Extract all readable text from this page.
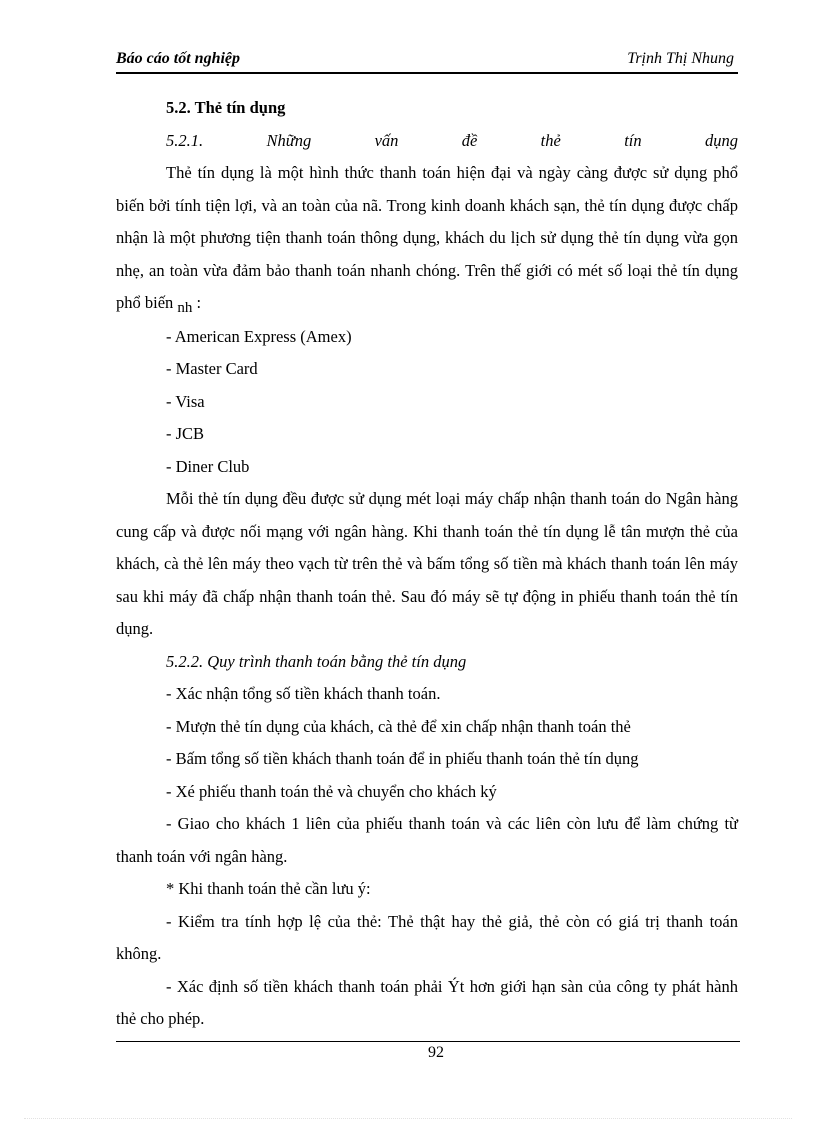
Báo cáo tốt nghiệp	Trịnh Thị Nhung

5.2. Thẻ tín dụng

5.2.1.	Những	vấn	đề	thẻ	tín	dụng

Thẻ tín dụng là một hình thức thanh toán hiện đại và ngày càng được sử dụng phổ biến bởi tính tiện lợi, và an toàn của nã. Trong kinh doanh khách sạn, thẻ tín dụng được chấp nhận là một phương tiện thanh toán thông dụng, khách du lịch sử dụng thẻ tín dụng vừa gọn nhẹ, an toàn vừa đảm bảo thanh toán nhanh chóng. Trên thế giới có mét số loại thẻ tín dụng phổ biến nh :

- American Express (Amex)

- Master Card

- Visa

- JCB

- Diner Club

Mỗi thẻ tín dụng đều được sử dụng mét loại máy chấp nhận thanh toán do Ngân hàng cung cấp và được nối mạng với ngân hàng. Khi thanh toán thẻ tín dụng lễ tân mượn thẻ của khách, cà thẻ lên máy theo vạch từ trên thẻ và bấm tổng số tiền mà khách thanh toán lên máy sau khi máy đã chấp nhận thanh toán thẻ. Sau đó máy sẽ tự động in phiếu thanh toán thẻ tín dụng.

5.2.2. Quy trình thanh toán bằng thẻ tín dụng

- Xác nhận tổng số tiền khách thanh toán.

- Mượn thẻ tín dụng của khách, cà thẻ để xin chấp nhận thanh toán thẻ

- Bấm tổng số tiền khách thanh toán để in phiếu thanh toán thẻ tín dụng

- Xé phiếu thanh toán thẻ và chuyển cho khách ký

- Giao cho khách 1 liên của phiếu thanh toán và các liên còn lưu để làm chứng từ thanh toán với ngân hàng.

* Khi thanh toán thẻ cần lưu ý:

- Kiểm tra tính hợp lệ của thẻ: Thẻ thật hay thẻ giả, thẻ còn có giá trị thanh toán không.

- Xác định số tiền khách thanh toán phải Ýt hơn giới hạn sàn của công ty phát hành thẻ cho phép.

92
